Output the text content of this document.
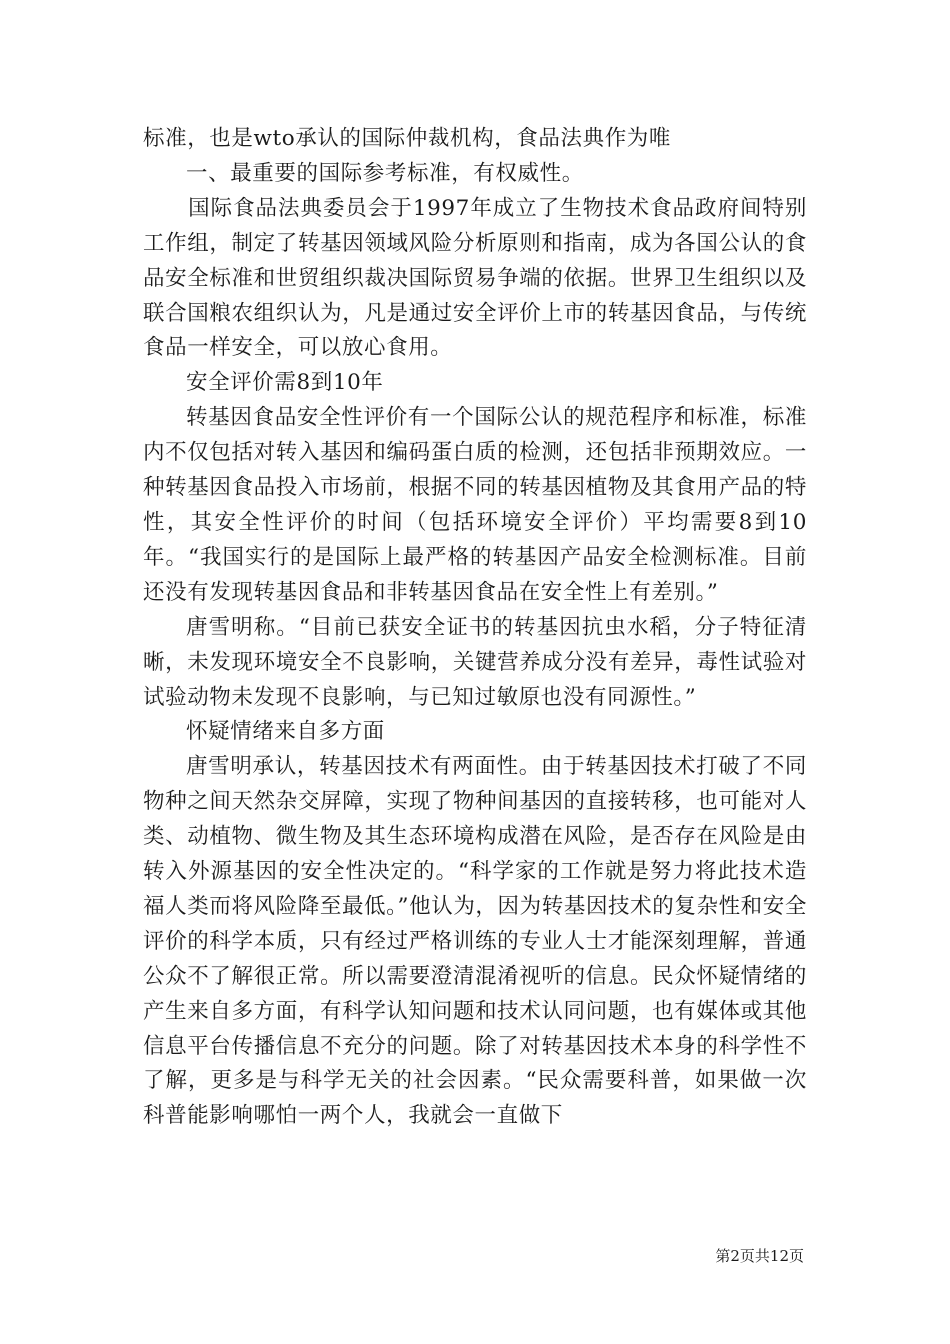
标准，也是wto承认的国际仲裁机构，食品法典作为唯

一、最重要的国际参考标准，有权威性。

国际食品法典委员会于1997年成立了生物技术食品政府间特别工作组，制定了转基因领域风险分析原则和指南，成为各国公认的食品安全标准和世贸组织裁决国际贸易争端的依据。世界卫生组织以及联合国粮农组织认为，凡是通过安全评价上市的转基因食品，与传统食品一样安全，可以放心食用。

安全评价需8到10年

转基因食品安全性评价有一个国际公认的规范程序和标准，标准内不仅包括对转入基因和编码蛋白质的检测，还包括非预期效应。一种转基因食品投入市场前，根据不同的转基因植物及其食用产品的特性，其安全性评价的时间（包括环境安全评价）平均需要8到10年。“我国实行的是国际上最严格的转基因产品安全检测标准。目前还没有发现转基因食品和非转基因食品在安全性上有差别。”

唐雪明称。“目前已获安全证书的转基因抗虫水稻，分子特征清晰，未发现环境安全不良影响，关键营养成分没有差异，毒性试验对试验动物未发现不良影响，与已知过敏原也没有同源性。”

怀疑情绪来自多方面

唐雪明承认，转基因技术有两面性。由于转基因技术打破了不同物种之间天然杂交屏障，实现了物种间基因的直接转移，也可能对人类、动植物、微生物及其生态环境构成潜在风险，是否存在风险是由转入外源基因的安全性决定的。“科学家的工作就是努力将此技术造福人类而将风险降至最低。”他认为，因为转基因技术的复杂性和安全评价的科学本质，只有经过严格训练的专业人士才能深刻理解，普通公众不了解很正常。所以需要澄清混淆视听的信息。民众怀疑情绪的产生来自多方面，有科学认知问题和技术认同问题，也有媒体或其他信息平台传播信息不充分的问题。除了对转基因技术本身的科学性不了解，更多是与科学无关的社会因素。“民众需要科普，如果做一次科普能影响哪怕一两个人，我就会一直做下

第2页共12页
